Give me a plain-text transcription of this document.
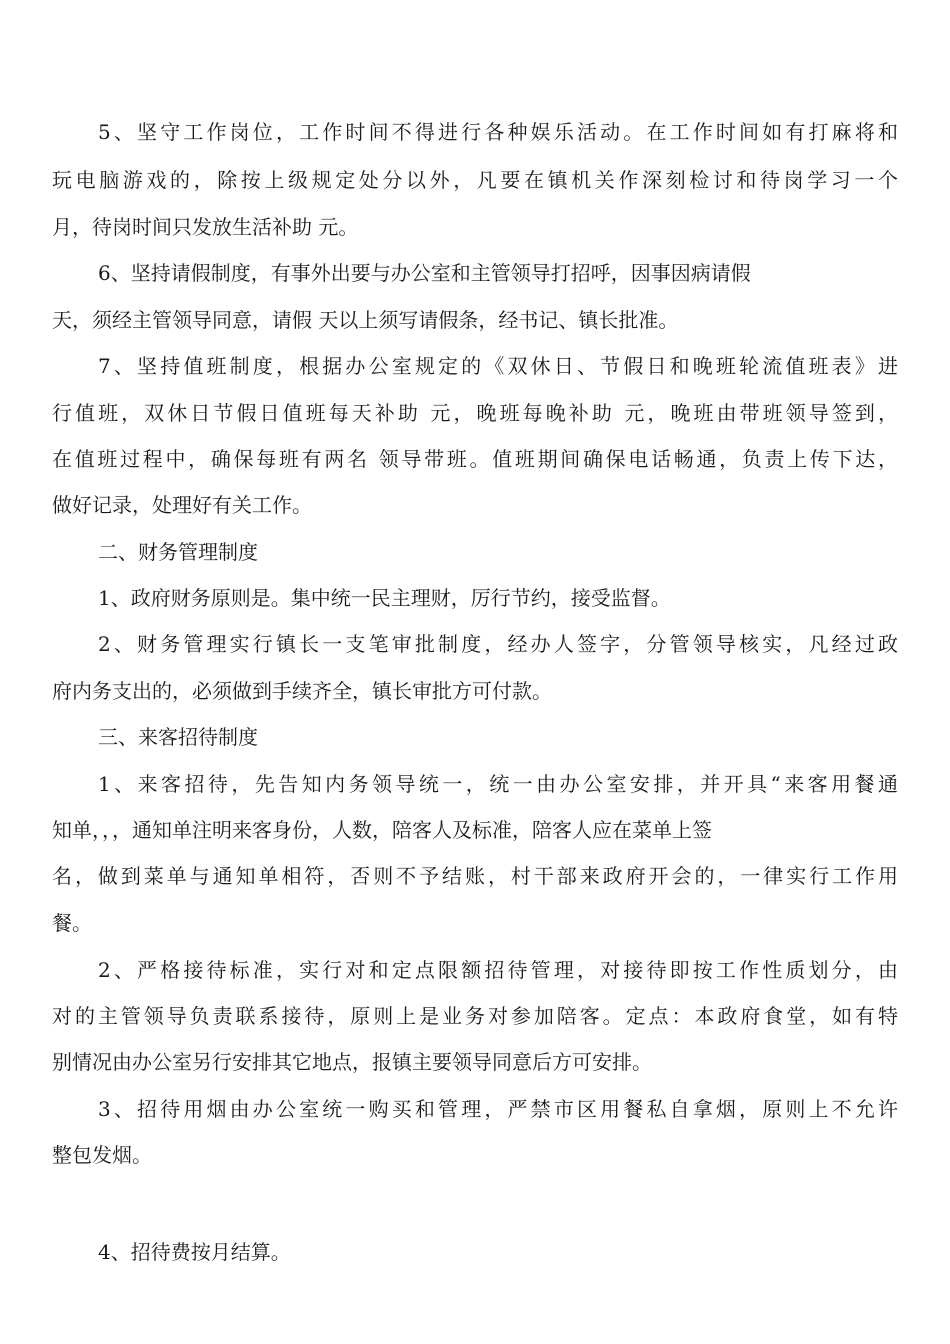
5、坚守工作岗位，工作时间不得进行各种娱乐活动。在工作时间如有打麻将和
玩电脑游戏的，除按上级规定处分以外，凡要在镇机关作深刻检讨和待岗学习一个
月，待岗时间只发放生活补助 元。
6、坚持请假制度，有事外出要与办公室和主管领导打招呼，因事因病请假
天，须经主管领导同意，请假 天以上须写请假条，经书记、镇长批准。
7、坚持值班制度，根据办公室规定的《双休日、节假日和晚班轮流值班表》进
行值班，双休日节假日值班每天补助 元，晚班每晚补助 元，晚班由带班领导签到，
在值班过程中，确保每班有两名 领导带班。值班期间确保电话畅通，负责上传下达，
做好记录，处理好有关工作。
二、财务管理制度
1、政府财务原则是。集中统一民主理财，厉行节约，接受监督。
2、财务管理实行镇长一支笔审批制度，经办人签字，分管领导核实，凡经过政
府内务支出的，必须做到手续齐全，镇长审批方可付款。
三、来客招待制度
1、来客招待，先告知内务领导统一，统一由办公室安排，并开具“来客用餐通
知单，，，通知单注明来客身份，人数，陪客人及标准，陪客人应在菜单上签
名，做到菜单与通知单相符，否则不予结账，村干部来政府开会的，一律实行工作用
餐。
2、严格接待标准，实行对和定点限额招待管理，对接待即按工作性质划分，由
对的主管领导负责联系接待，原则上是业务对参加陪客。定点：本政府食堂，如有特
别情况由办公室另行安排其它地点，报镇主要领导同意后方可安排。
3、招待用烟由办公室统一购买和管理，严禁市区用餐私自拿烟，原则上不允许
整包发烟。
4、招待费按月结算。
